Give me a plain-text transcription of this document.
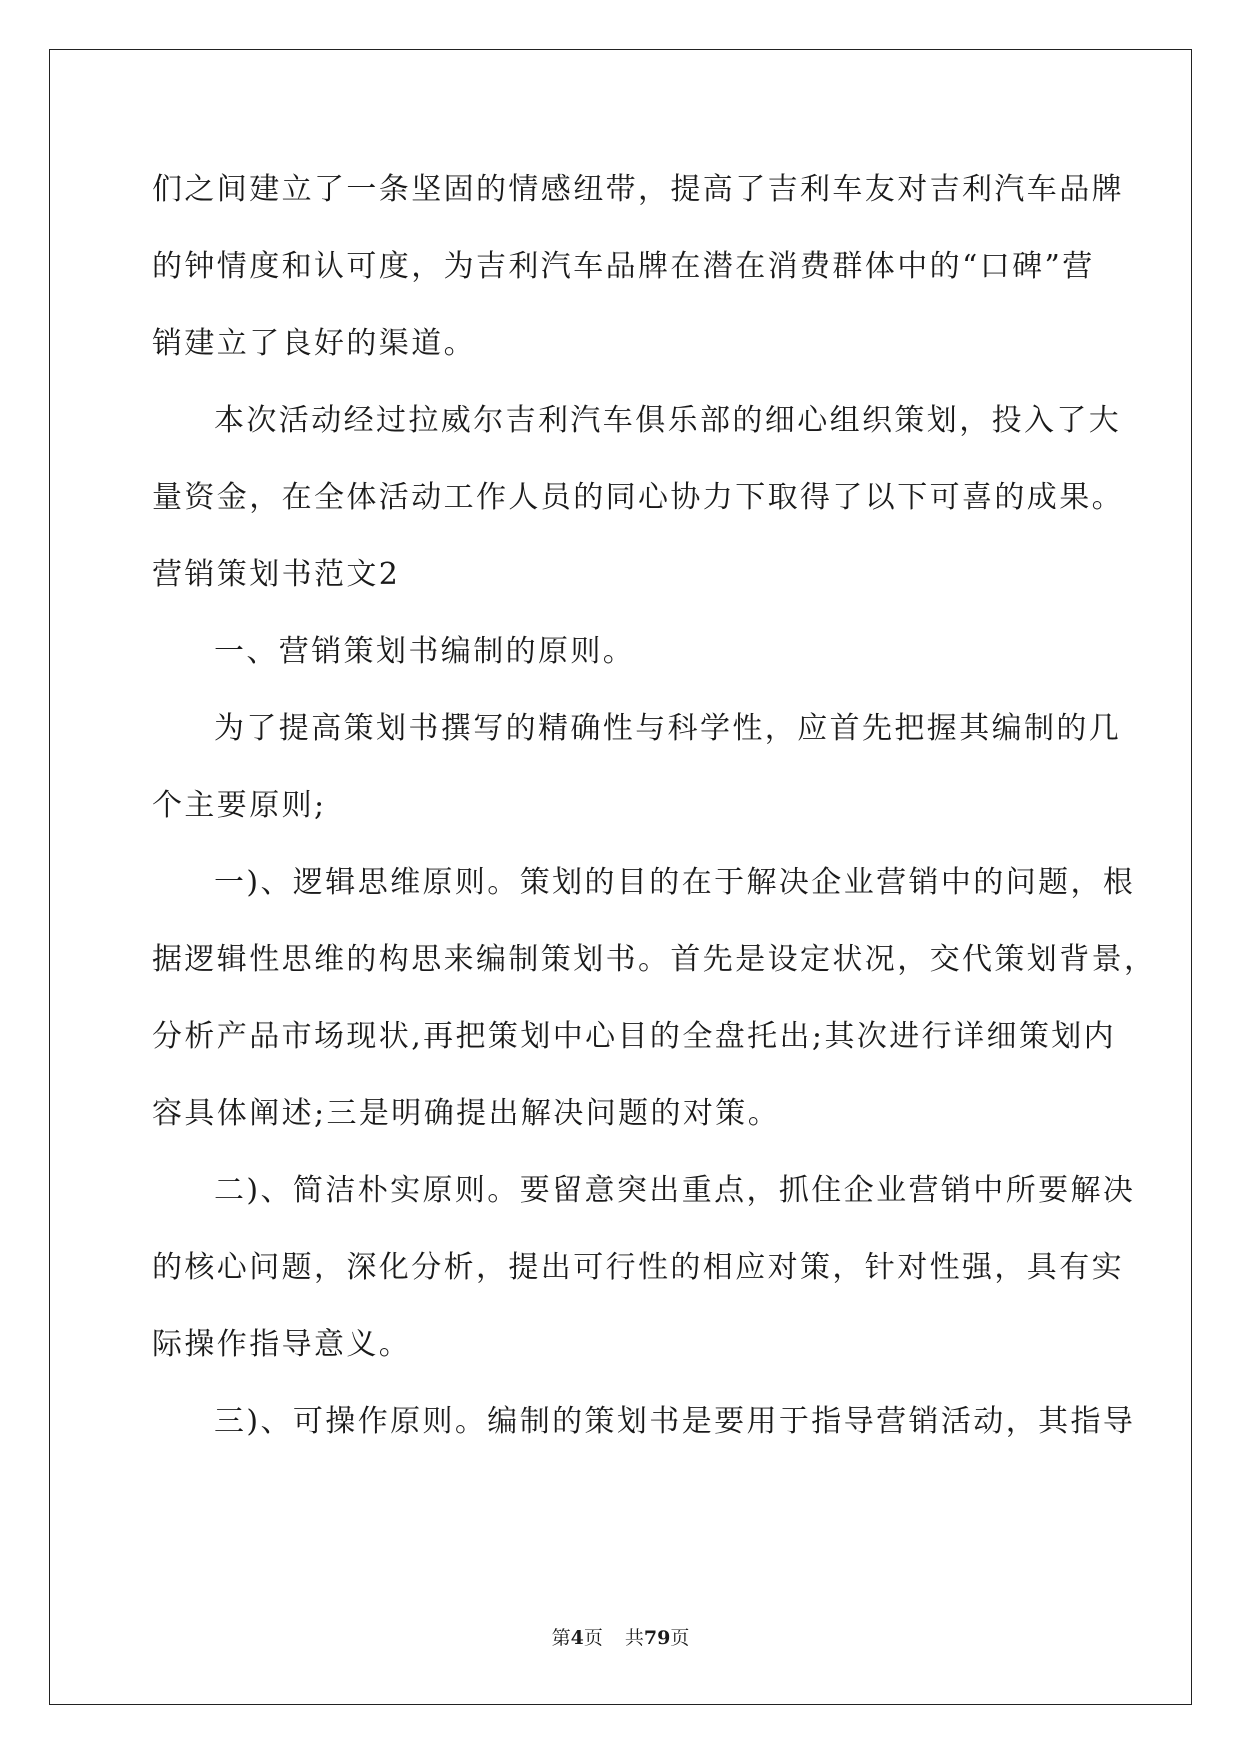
们之间建立了一条坚固的情感纽带，提高了吉利车友对吉利汽车品牌
的钟情度和认可度，为吉利汽车品牌在潜在消费群体中的“口碑”营
销建立了良好的渠道。
本次活动经过拉威尔吉利汽车俱乐部的细心组织策划，投入了大
量资金，在全体活动工作人员的同心协力下取得了以下可喜的成果。
营销策划书范文2
一、营销策划书编制的原则。
为了提高策划书撰写的精确性与科学性，应首先把握其编制的几
个主要原则;
一)、逻辑思维原则。策划的目的在于解决企业营销中的问题，根
据逻辑性思维的构思来编制策划书。首先是设定状况，交代策划背景，
分析产品市场现状,再把策划中心目的全盘托出;其次进行详细策划内
容具体阐述;三是明确提出解决问题的对策。
二)、简洁朴实原则。要留意突出重点，抓住企业营销中所要解决
的核心问题，深化分析，提出可行性的相应对策，针对性强，具有实
际操作指导意义。
三)、可操作原则。编制的策划书是要用于指导营销活动，其指导
第4页 共79页
